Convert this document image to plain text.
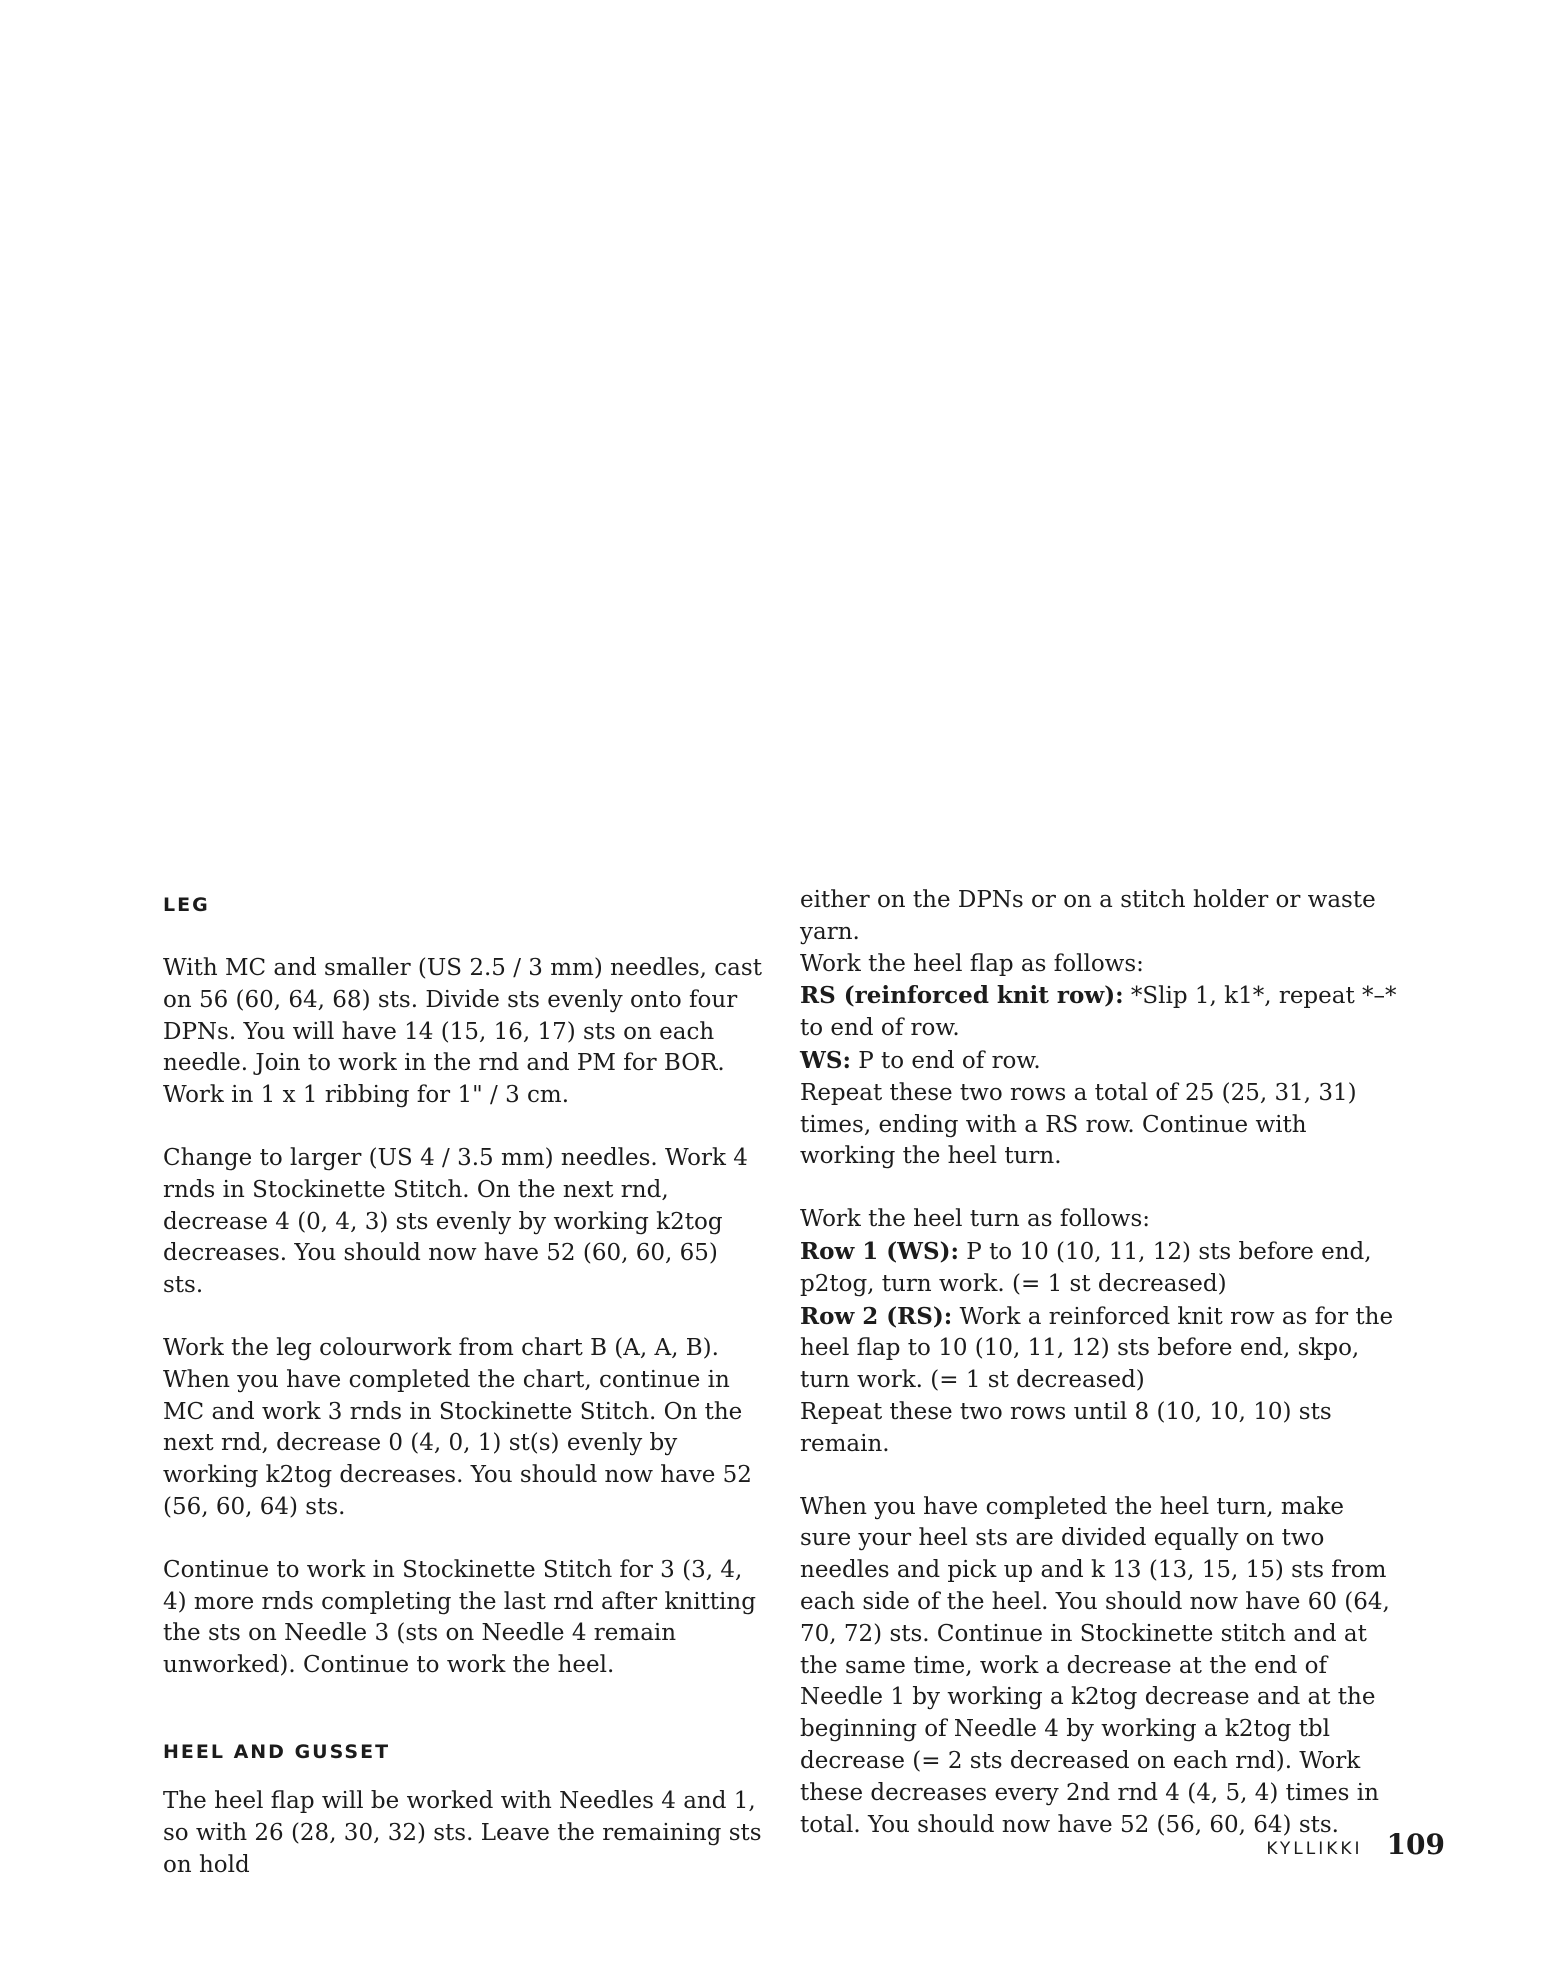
LEG

With MC and smaller (US 2.5 / 3 mm) needles, cast on 56 (60, 64, 68) sts. Divide sts evenly onto four DPNs. You will have 14 (15, 16, 17) sts on each needle. Join to work in the rnd and PM for BOR. Work in 1 x 1 ribbing for 1" / 3 cm.

Change to larger (US 4 / 3.5 mm) needles. Work 4 rnds in Stockinette Stitch. On the next rnd, decrease 4 (0, 4, 3) sts evenly by working k2tog decreases. You should now have 52 (60, 60, 65) sts.

Work the leg colourwork from chart B (A, A, B). When you have completed the chart, continue in MC and work 3 rnds in Stockinette Stitch. On the next rnd, decrease 0 (4, 0, 1) st(s) evenly by working k2tog decreases. You should now have 52 (56, 60, 64) sts.

Continue to work in Stockinette Stitch for 3 (3, 4, 4) more rnds completing the last rnd after knitting the sts on Needle 3 (sts on Needle 4 remain unworked). Continue to work the heel.

HEEL AND GUSSET

The heel flap will be worked with Needles 4 and 1, so with 26 (28, 30, 32) sts. Leave the remaining sts on hold

either on the DPNs or on a stitch holder or waste yarn.

Work the heel flap as follows:

RS (reinforced knit row): *Slip 1, k1*, repeat *–* to end of row.

WS: P to end of row.

Repeat these two rows a total of 25 (25, 31, 31) times, ending with a RS row. Continue with working the heel turn.

Work the heel turn as follows:

Row 1 (WS): P to 10 (10, 11, 12) sts before end, p2tog, turn work. (= 1 st decreased)

Row 2 (RS): Work a reinforced knit row as for the heel flap to 10 (10, 11, 12) sts before end, skpo, turn work. (= 1 st decreased)

Repeat these two rows until 8 (10, 10, 10) sts remain.

When you have completed the heel turn, make sure your heel sts are divided equally on two needles and pick up and k 13 (13, 15, 15) sts from each side of the heel. You should now have 60 (64, 70, 72) sts. Continue in Stockinette stitch and at the same time, work a decrease at the end of Needle 1 by working a k2tog decrease and at the beginning of Needle 4 by working a k2tog tbl decrease (= 2 sts decreased on each rnd). Work these decreases every 2nd rnd 4 (4, 5, 4) times in total. You should now have 52 (56, 60, 64) sts.

KYLLIKKI 109
